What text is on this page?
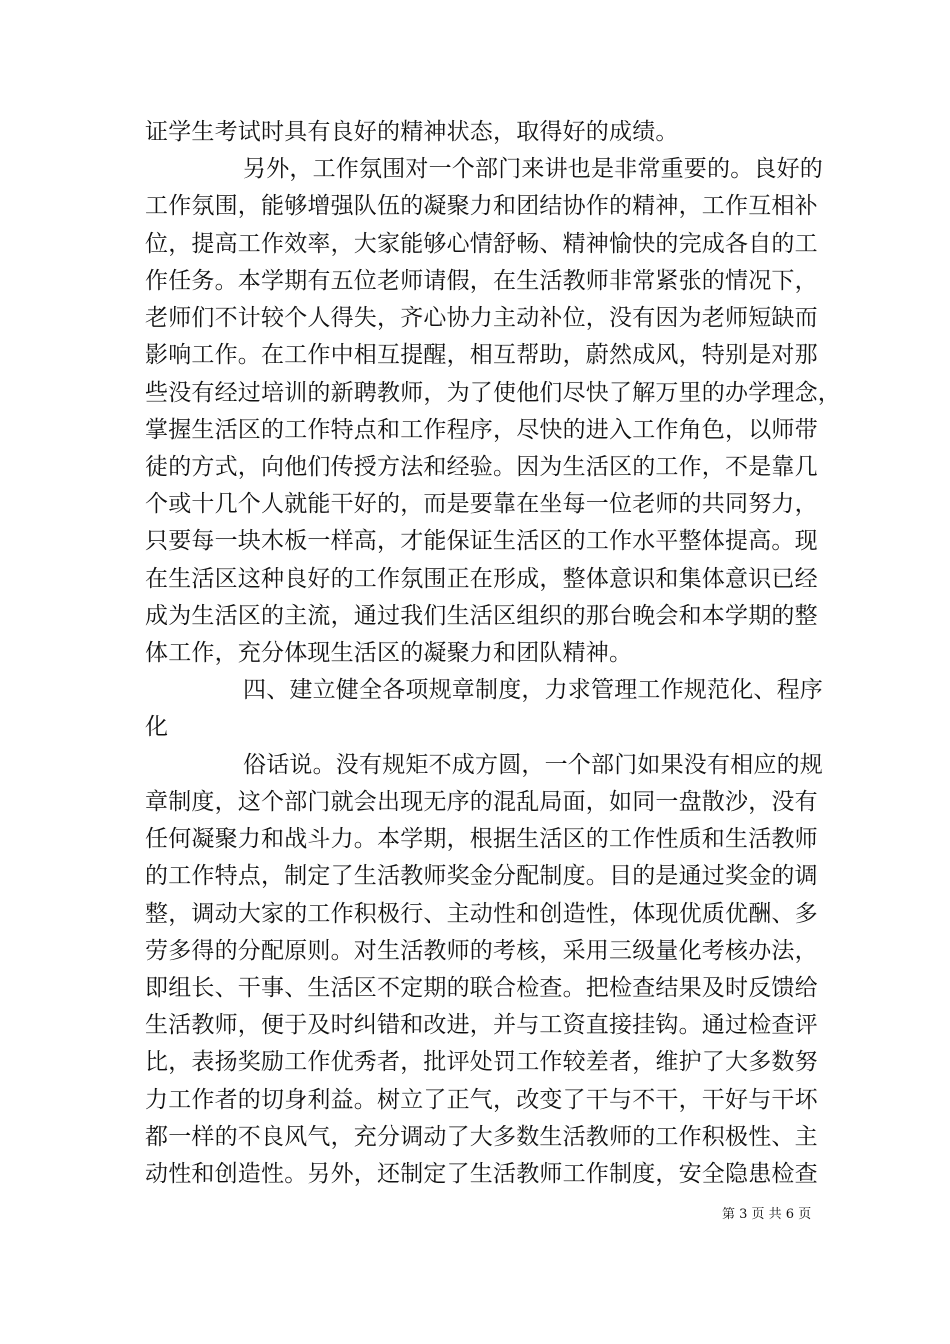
证学生考试时具有良好的精神状态，取得好的成绩。
另外，工作氛围对一个部门来讲也是非常重要的。良好的
工作氛围，能够增强队伍的凝聚力和团结协作的精神，工作互相补
位，提高工作效率，大家能够心情舒畅、精神愉快的完成各自的工
作任务。本学期有五位老师请假，在生活教师非常紧张的情况下，
老师们不计较个人得失，齐心协力主动补位，没有因为老师短缺而
影响工作。在工作中相互提醒，相互帮助，蔚然成风，特别是对那
些没有经过培训的新聘教师，为了使他们尽快了解万里的办学理念，
掌握生活区的工作特点和工作程序，尽快的进入工作角色，以师带
徒的方式，向他们传授方法和经验。因为生活区的工作，不是靠几
个或十几个人就能干好的，而是要靠在坐每一位老师的共同努力，
只要每一块木板一样高，才能保证生活区的工作水平整体提高。现
在生活区这种良好的工作氛围正在形成，整体意识和集体意识已经
成为生活区的主流，通过我们生活区组织的那台晚会和本学期的整
体工作，充分体现生活区的凝聚力和团队精神。
四、建立健全各项规章制度，力求管理工作规范化、程序
化
俗话说。没有规矩不成方圆，一个部门如果没有相应的规
章制度，这个部门就会出现无序的混乱局面，如同一盘散沙，没有
任何凝聚力和战斗力。本学期，根据生活区的工作性质和生活教师
的工作特点，制定了生活教师奖金分配制度。目的是通过奖金的调
整，调动大家的工作积极行、主动性和创造性，体现优质优酬、多
劳多得的分配原则。对生活教师的考核，采用三级量化考核办法，
即组长、干事、生活区不定期的联合检查。把检查结果及时反馈给
生活教师，便于及时纠错和改进，并与工资直接挂钩。通过检查评
比，表扬奖励工作优秀者，批评处罚工作较差者，维护了大多数努
力工作者的切身利益。树立了正气，改变了干与不干，干好与干坏
都一样的不良风气，充分调动了大多数生活教师的工作积极性、主
动性和创造性。另外，还制定了生活教师工作制度，安全隐患检查
第 3 页 共 6 页
